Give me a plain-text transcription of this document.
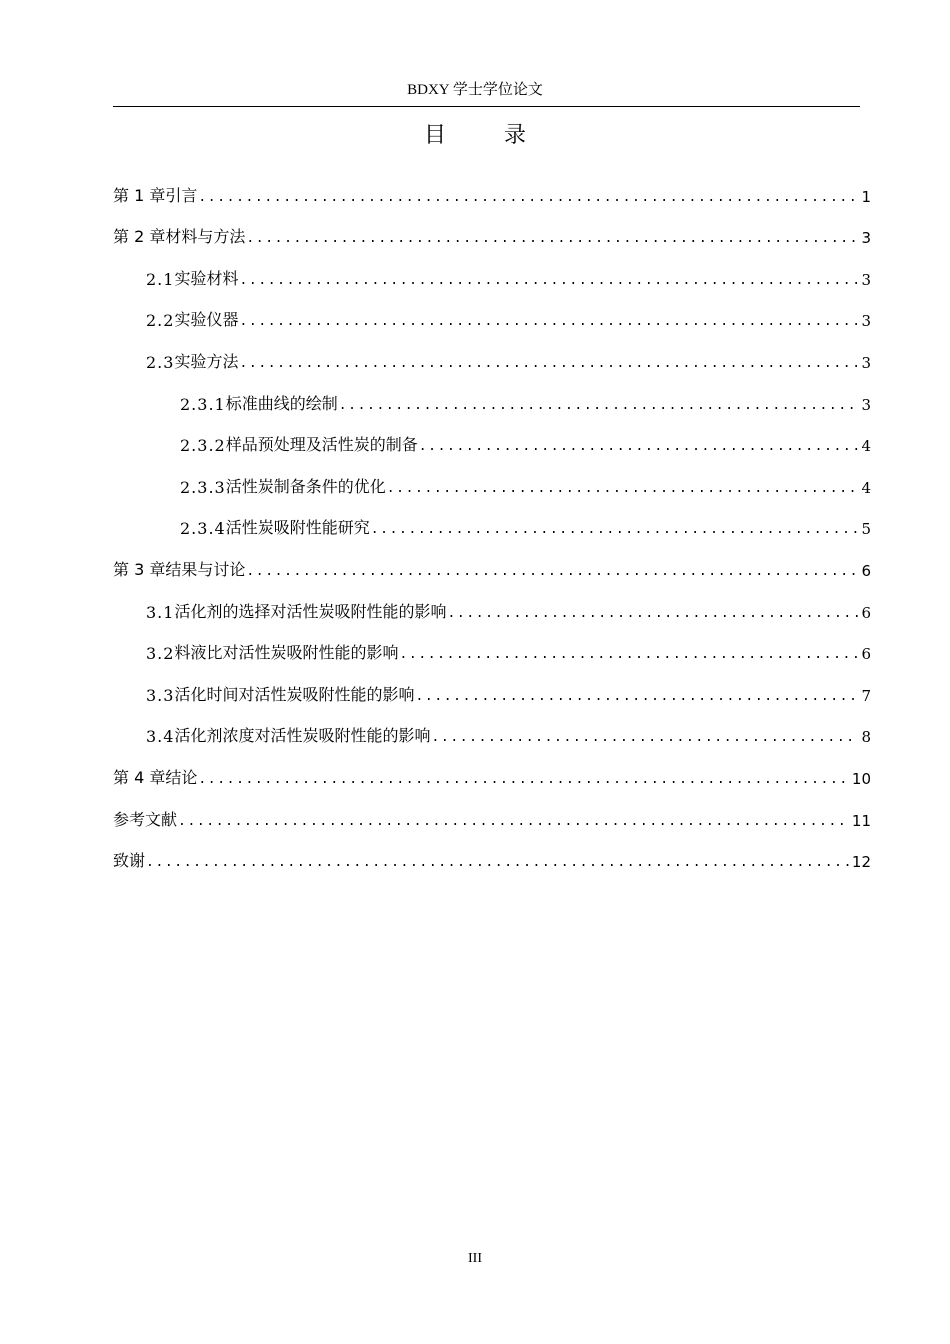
BDXY 学士学位论文
目录
第 1 章 引言 .....	1
第 2 章 材料与方法 .....	3
2.1 实验材料 .....	3
2.2 实验仪器 .....	3
2.3 实验方法 .....	3
2.3.1 标准曲线的绘制 .....	3
2.3.2 样品预处理及活性炭的制备 .....	4
2.3.3 活性炭制备条件的优化 .....	4
2.3.4 活性炭吸附性能研究 .....	5
第 3 章 结果与讨论 .....	6
3.1 活化剂的选择对活性炭吸附性能的影响 .....	6
3.2 料液比对活性炭吸附性能的影响 .....	6
3.3 活化时间对活性炭吸附性能的影响 .....	7
3.4 活化剂浓度对活性炭吸附性能的影响 .....	8
第 4 章 结论 .....	10
参考文献 .....	11
致谢 .....	12
III
